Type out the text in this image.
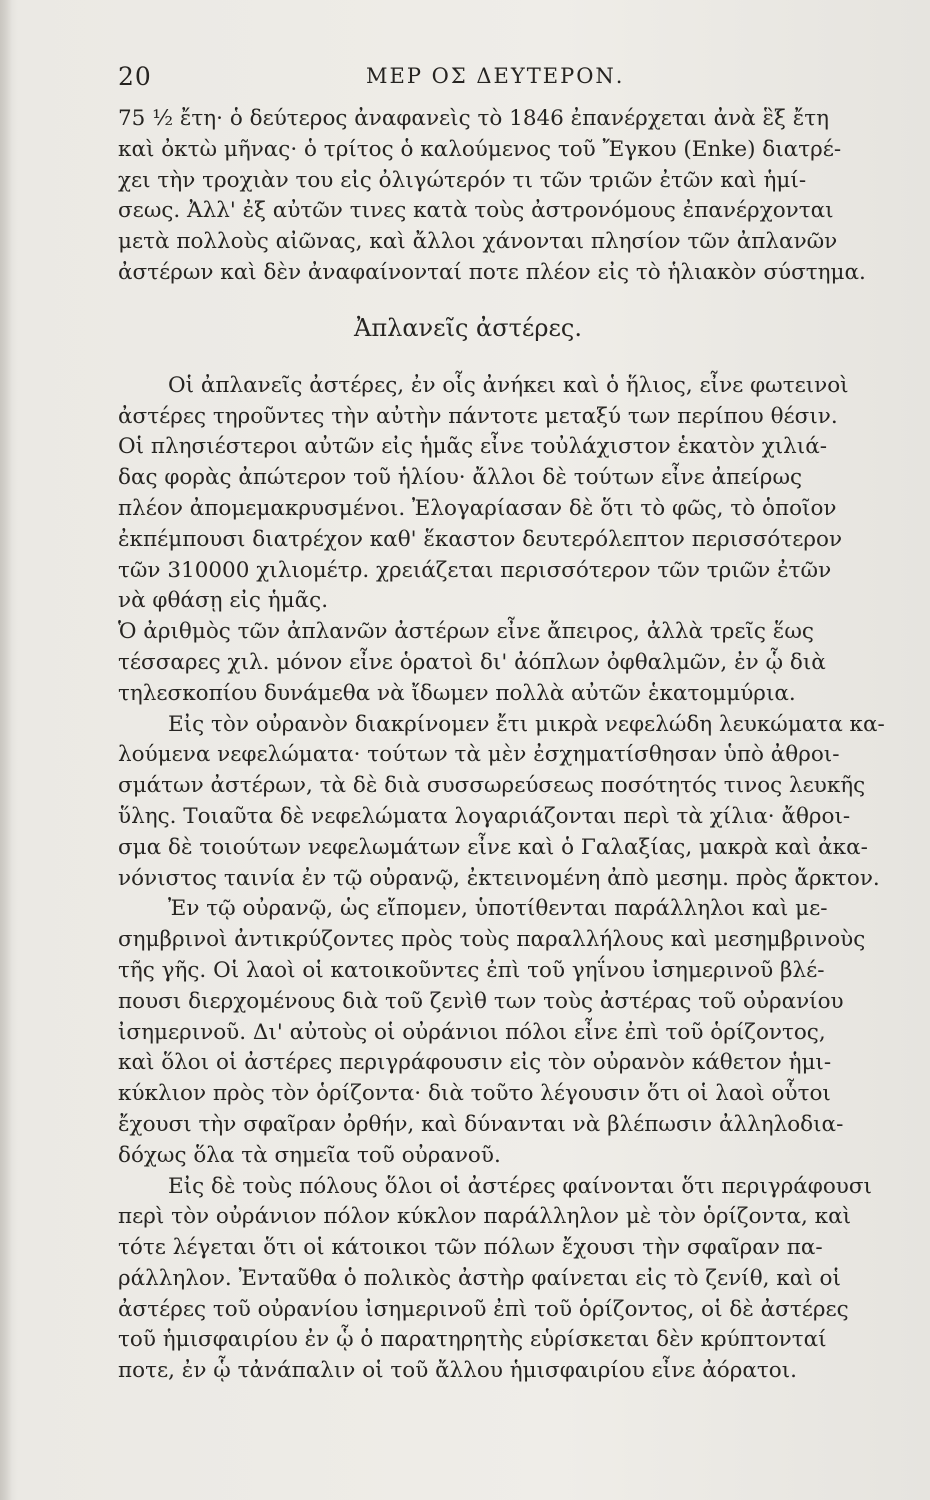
20	ΜΕΡ ΟΣ ΔΕΥΤΕΡΟΝ.
75 ½ ἔτη· ὁ δεύτερος ἀναφανεὶς τὸ 1846 ἐπανέρχεται ἀνὰ ἓξ ἔτη
καὶ ὀκτὼ μῆνας· ὁ τρίτος ὁ καλούμενος τοῦ Ἔγκου (Enke) διατρέ-
χει τὴν τροχιὰν του εἰς ὀλιγώτερόν τι τῶν τριῶν ἐτῶν καὶ ἡμί-
σεως. Ἀλλ' ἐξ αὐτῶν τινες κατὰ τοὺς ἀστρονόμους ἐπανέρχονται
μετὰ πολλοὺς αἰῶνας, καὶ ἄλλοι χάνονται πλησίον τῶν ἀπλανῶν
ἀστέρων καὶ δὲν ἀναφαίνονταί ποτε πλέον εἰς τὸ ἡλιακὸν σύστημα.
Ἀπλανεῖς ἀστέρες.
Οἱ ἀπλανεῖς ἀστέρες, ἐν οἷς ἀνήκει καὶ ὁ ἥλιος, εἶνε φωτεινοὶ
ἀστέρες τηροῦντες τὴν αὐτὴν πάντοτε μεταξύ των περίπου θέσιν.
Οἱ πλησιέστεροι αὐτῶν εἰς ἡμᾶς εἶνε τοὐλάχιστον ἑκατὸν χιλιά-
δας φορὰς ἀπώτερον τοῦ ἡλίου· ἄλλοι δὲ τούτων εἶνε ἀπείρως
πλέον ἀπομεμακρυσμένοι. Ἐλογαρίασαν δὲ ὅτι τὸ φῶς, τὸ ὁποῖον
ἐκπέμπουσι διατρέχον καθ' ἕκαστον δευτερόλεπτον περισσότερον
τῶν 310000 χιλιομέτρ. χρειάζεται περισσότερον τῶν τριῶν ἐτῶν
νὰ φθάσῃ εἰς ἡμᾶς.
Ὁ ἀριθμὸς τῶν ἀπλανῶν ἀστέρων εἶνε ἄπειρος, ἀλλὰ τρεῖς ἕως
τέσσαρες χιλ. μόνον εἶνε ὁρατοὶ δι' ἀόπλων ὀφθαλμῶν, ἐν ᾧ διὰ
τηλεσκοπίου δυνάμεθα νὰ ἴδωμεν πολλὰ αὐτῶν ἑκατομμύρια.
Εἰς τὸν οὐρανὸν διακρίνομεν ἔτι μικρὰ νεφελώδη λευκώματα κα-
λούμενα νεφελώματα· τούτων τὰ μὲν ἐσχηματίσθησαν ὑπὸ ἀθροι-
σμάτων ἀστέρων, τὰ δὲ διὰ συσσωρεύσεως ποσότητός τινος λευκῆς
ὕλης. Τοιαῦτα δὲ νεφελώματα λογαριάζονται περὶ τὰ χίλια· ἄθροι-
σμα δὲ τοιούτων νεφελωμάτων εἶνε καὶ ὁ Γαλαξίας, μακρὰ καὶ ἀκα-
νόνιστος ταινία ἐν τῷ οὐρανῷ, ἐκτεινομένη ἀπὸ μεσημ. πρὸς ἄρκτον.
Ἐν τῷ οὐρανῷ, ὡς εἴπομεν, ὑποτίθενται παράλληλοι καὶ με-
σημβρινοὶ ἀντικρύζοντες πρὸς τοὺς παραλλήλους καὶ μεσημβρινοὺς
τῆς γῆς. Οἱ λαοὶ οἱ κατοικοῦντες ἐπὶ τοῦ γηΐνου ἰσημερινοῦ βλέ-
πουσι διερχομένους διὰ τοῦ ζενὶθ των τοὺς ἀστέρας τοῦ οὐρανίου
ἰσημερινοῦ. Δι' αὐτοὺς οἱ οὐράνιοι πόλοι εἶνε ἐπὶ τοῦ ὁρίζοντος,
καὶ ὅλοι οἱ ἀστέρες περιγράφουσιν εἰς τὸν οὐρανὸν κάθετον ἡμι-
κύκλιον πρὸς τὸν ὁρίζοντα· διὰ τοῦτο λέγουσιν ὅτι οἱ λαοὶ οὗτοι
ἔχουσι τὴν σφαῖραν ὀρθήν, καὶ δύνανται νὰ βλέπωσιν ἀλληλοδια-
δόχως ὅλα τὰ σημεῖα τοῦ οὐρανοῦ.
Εἰς δὲ τοὺς πόλους ὅλοι οἱ ἀστέρες φαίνονται ὅτι περιγράφουσι
περὶ τὸν οὐράνιον πόλον κύκλον παράλληλον μὲ τὸν ὁρίζοντα, καὶ
τότε λέγεται ὅτι οἱ κάτοικοι τῶν πόλων ἔχουσι τὴν σφαῖραν πα-
ράλληλον. Ἐνταῦθα ὁ πολικὸς ἀστὴρ φαίνεται εἰς τὸ ζενίθ, καὶ οἱ
ἀστέρες τοῦ οὐρανίου ἰσημερινοῦ ἐπὶ τοῦ ὁρίζοντος, οἱ δὲ ἀστέρες
τοῦ ἡμισφαιρίου ἐν ᾧ ὁ παρατηρητὴς εὑρίσκεται δὲν κρύπτονταί
ποτε, ἐν ᾧ τἀνάπαλιν οἱ τοῦ ἄλλου ἡμισφαιρίου εἶνε ἀόρατοι.
